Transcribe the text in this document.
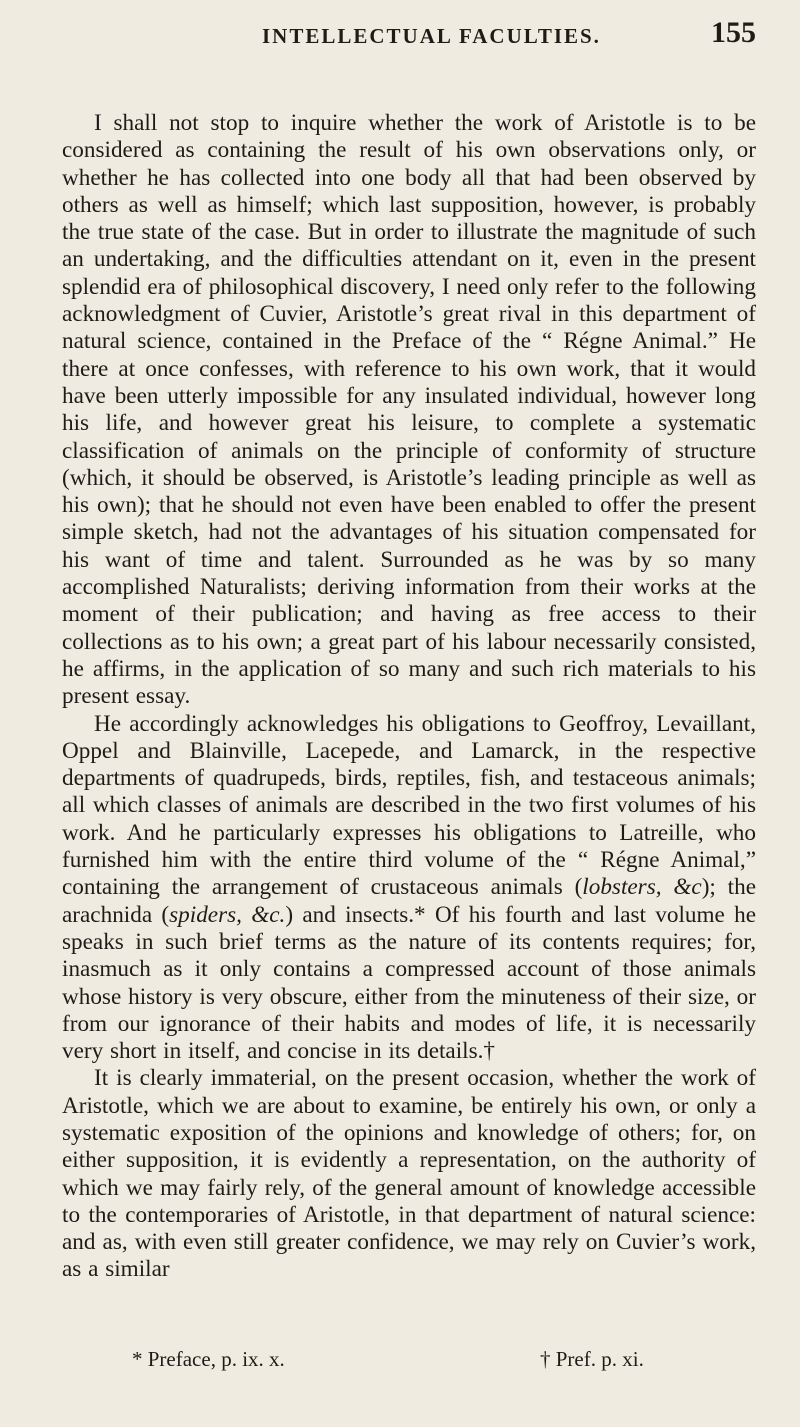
INTELLECTUAL FACULTIES.	155

I shall not stop to inquire whether the work of Aristotle is to be considered as containing the result of his own observations only, or whether he has collected into one body all that had been observed by others as well as himself; which last supposition, however, is probably the true state of the case. But in order to illustrate the magnitude of such an undertaking, and the difficulties attendant on it, even in the present splendid era of philosophical discovery, I need only refer to the following acknowledgment of Cuvier, Aristotle’s great rival in this department of natural science, contained in the Preface of the “ Régne Animal.” He there at once confesses, with reference to his own work, that it would have been utterly impossible for any insulated individual, however long his life, and however great his leisure, to complete a systematic classification of animals on the principle of conformity of structure (which, it should be observed, is Aristotle’s leading principle as well as his own); that he should not even have been enabled to offer the present simple sketch, had not the advantages of his situation compensated for his want of time and talent. Surrounded as he was by so many accomplished Naturalists; deriving information from their works at the moment of their publication; and having as free access to their collections as to his own; a great part of his labour necessarily consisted, he affirms, in the application of so many and such rich materials to his present essay.

He accordingly acknowledges his obligations to Geoffroy, Levaillant, Oppel and Blainville, Lacepede, and Lamarck, in the respective departments of quadrupeds, birds, reptiles, fish, and testaceous animals; all which classes of animals are described in the two first volumes of his work. And he particularly expresses his obligations to Latreille, who furnished him with the entire third volume of the “ Régne Animal,” containing the arrangement of crustaceous animals (lobsters, &c); the arachnida (spiders, &c.) and insects.* Of his fourth and last volume he speaks in such brief terms as the nature of its contents requires; for, inasmuch as it only contains a compressed account of those animals whose history is very obscure, either from the minuteness of their size, or from our ignorance of their habits and modes of life, it is necessarily very short in itself, and concise in its details.†

It is clearly immaterial, on the present occasion, whether the work of Aristotle, which we are about to examine, be entirely his own, or only a systematic exposition of the opinions and knowledge of others; for, on either supposition, it is evidently a representation, on the authority of which we may fairly rely, of the general amount of knowledge accessible to the contemporaries of Aristotle, in that department of natural science: and as, with even still greater confidence, we may rely on Cuvier’s work, as a similar

* Preface, p. ix. x.	† Pref. p. xi.
